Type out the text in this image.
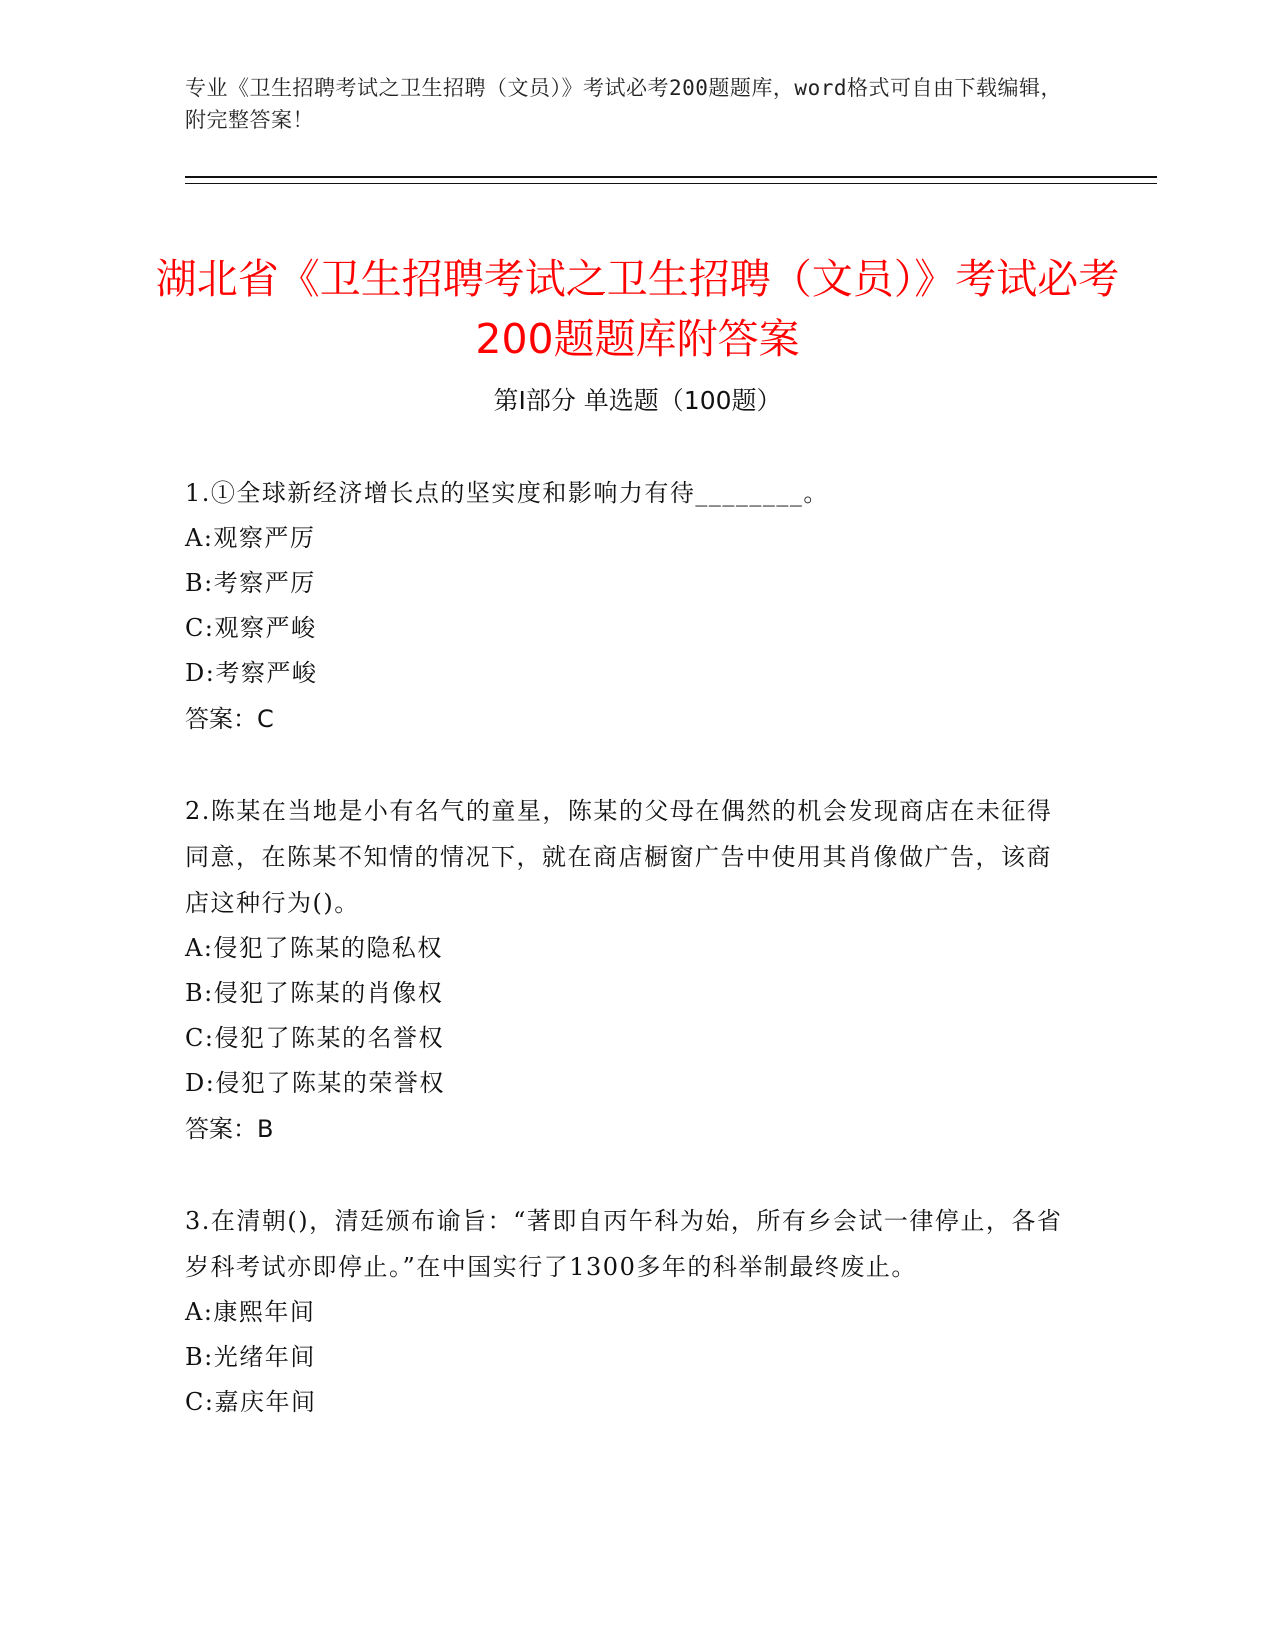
专业《卫生招聘考试之卫生招聘（文员）》考试必考200题题库，word格式可自由下载编辑，附完整答案！
湖北省《卫生招聘考试之卫生招聘（文员）》考试必考200题题库附答案
第I部分 单选题（100题）

1.①全球新经济增长点的坚实度和影响力有待________。

A:观察严厉

B:考察严厉

C:观察严峻

D:考察严峻

答案：C

2.陈某在当地是小有名气的童星，陈某的父母在偶然的机会发现商店在未征得同意，在陈某不知情的情况下，就在商店橱窗广告中使用其肖像做广告，该商店这种行为()。

A:侵犯了陈某的隐私权

B:侵犯了陈某的肖像权

C:侵犯了陈某的名誉权

D:侵犯了陈某的荣誉权

答案：B

3.在清朝()，清廷颁布谕旨：“著即自丙午科为始，所有乡会试一律停止，各省岁科考试亦即停止。”在中国实行了1300多年的科举制最终废止。

A:康熙年间

B:光绪年间

C:嘉庆年间
